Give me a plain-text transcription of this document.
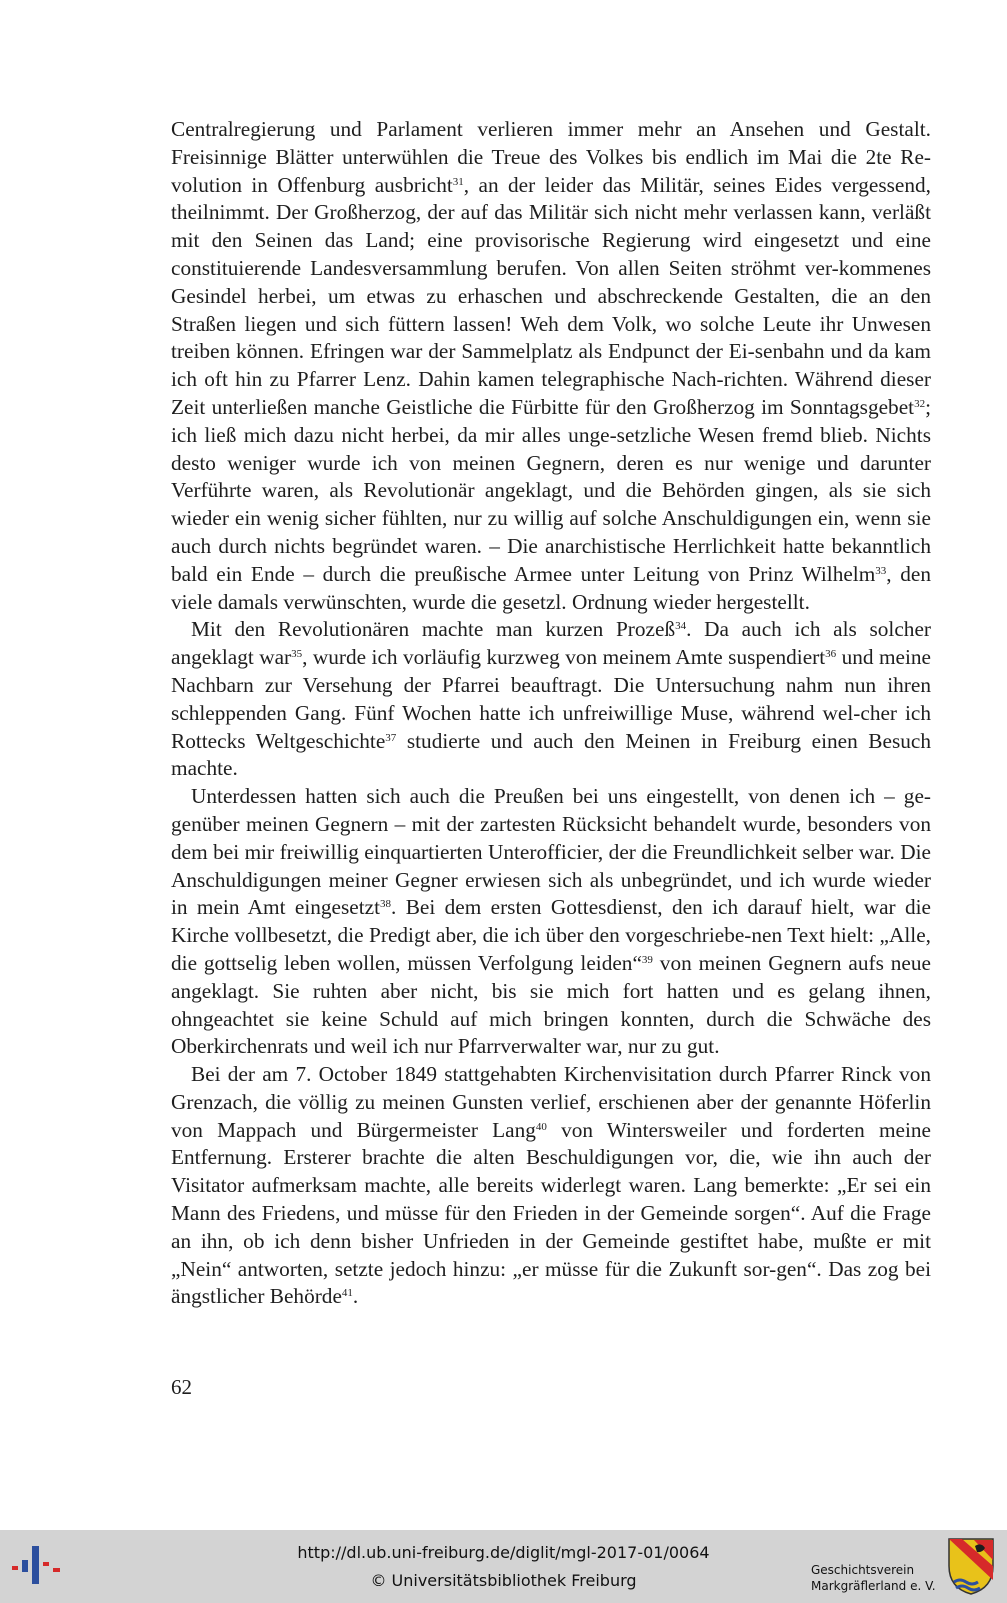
Centralregierung und Parlament verlieren immer mehr an Ansehen und Gestalt. Freisinnige Blätter unterwühlen die Treue des Volkes bis endlich im Mai die 2te Re-volution in Offenburg ausbricht$^{31}$, an der leider das Militär, seines Eides vergessend, theilnimmt. Der Großherzog, der auf das Militär sich nicht mehr verlassen kann, verläßt mit den Seinen das Land; eine provisorische Regierung wird eingesetzt und eine constituierende Landesversammlung berufen. Von allen Seiten ströhmt ver-kommenes Gesindel herbei, um etwas zu erhaschen und abschreckende Gestalten, die an den Straßen liegen und sich füttern lassen! Weh dem Volk, wo solche Leute ihr Unwesen treiben können. Efringen war der Sammelplatz als Endpunct der Ei-senbahn und da kam ich oft hin zu Pfarrer Lenz. Dahin kamen telegraphische Nach-richten. Während dieser Zeit unterließen manche Geistliche die Fürbitte für den Großherzog im Sonntagsgebet$^{32}$; ich ließ mich dazu nicht herbei, da mir alles unge-setzliche Wesen fremd blieb. Nichts desto weniger wurde ich von meinen Gegnern, deren es nur wenige und darunter Verführte waren, als Revolutionär angeklagt, und die Behörden gingen, als sie sich wieder ein wenig sicher fühlten, nur zu willig auf solche Anschuldigungen ein, wenn sie auch durch nichts begründet waren. – Die anarchistische Herrlichkeit hatte bekanntlich bald ein Ende – durch die preußische Armee unter Leitung von Prinz Wilhelm$^{33}$, den viele damals verwünschten, wurde die gesetzl. Ordnung wieder hergestellt.

Mit den Revolutionären machte man kurzen Prozeß$^{34}$. Da auch ich als solcher angeklagt war$^{35}$, wurde ich vorläufig kurzweg von meinem Amte suspendiert$^{36}$ und meine Nachbarn zur Versehung der Pfarrei beauftragt. Die Untersuchung nahm nun ihren schleppenden Gang. Fünf Wochen hatte ich unfreiwillige Muse, während wel-cher ich Rottecks Weltgeschichte$^{37}$ studierte und auch den Meinen in Freiburg einen Besuch machte.

Unterdessen hatten sich auch die Preußen bei uns eingestellt, von denen ich – ge-genüber meinen Gegnern – mit der zartesten Rücksicht behandelt wurde, besonders von dem bei mir freiwillig einquartierten Unterofficier, der die Freundlichkeit selber war. Die Anschuldigungen meiner Gegner erwiesen sich als unbegründet, und ich wurde wieder in mein Amt eingesetzt$^{38}$. Bei dem ersten Gottesdienst, den ich darauf hielt, war die Kirche vollbesetzt, die Predigt aber, die ich über den vorgeschriebe-nen Text hielt: „Alle, die gottselig leben wollen, müssen Verfolgung leiden“$^{39}$ von meinen Gegnern aufs neue angeklagt. Sie ruhten aber nicht, bis sie mich fort hatten und es gelang ihnen, ohngeachtet sie keine Schuld auf mich bringen konnten, durch die Schwäche des Oberkirchenrats und weil ich nur Pfarrverwalter war, nur zu gut.

Bei der am 7. October 1849 stattgehabten Kirchenvisitation durch Pfarrer Rinck von Grenzach, die völlig zu meinen Gunsten verlief, erschienen aber der genannte Höferlin von Mappach und Bürgermeister Lang$^{40}$ von Wintersweiler und forderten meine Entfernung. Ersterer brachte die alten Beschuldigungen vor, die, wie ihn auch der Visitator aufmerksam machte, alle bereits widerlegt waren. Lang bemerkte: „Er sei ein Mann des Friedens, und müsse für den Frieden in der Gemeinde sorgen“. Auf die Frage an ihn, ob ich denn bisher Unfrieden in der Gemeinde gestiftet habe, mußte er mit „Nein“ antworten, setzte jedoch hinzu: „er müsse für die Zukunft sor-gen“. Das zog bei ängstlicher Behörde$^{41}$.

62
http://dl.ub.uni-freiburg.de/diglit/mgl-2017-01/0064
© Universitätsbibliothek Freiburg
Geschichtsverein
Markgräflerland e. V.
